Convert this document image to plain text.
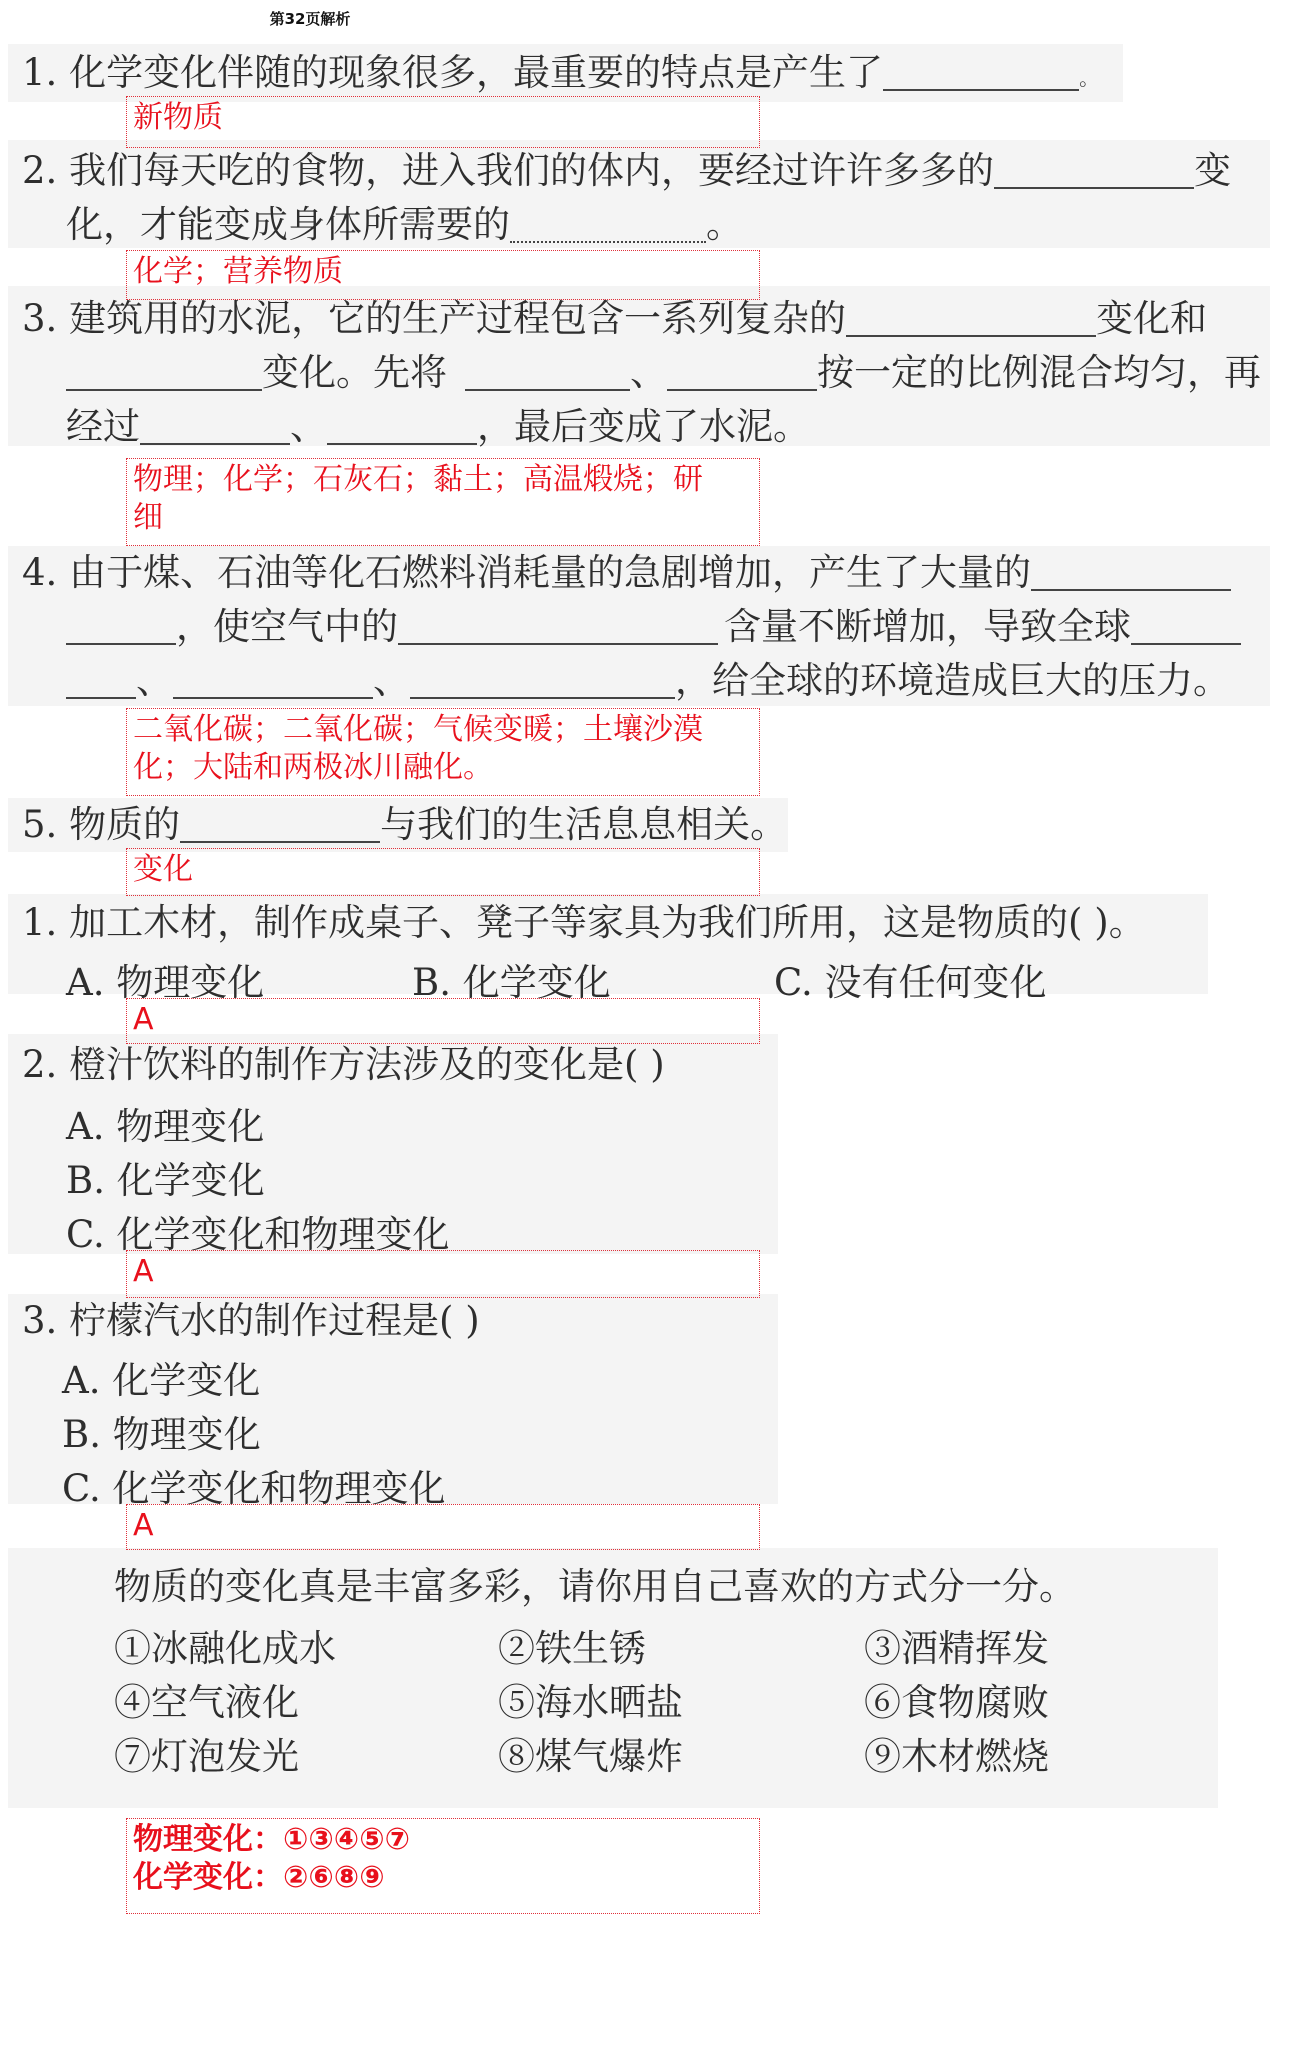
第32页解析
1. 化学变化伴随的现象很多，最重要的特点是产生了	。
新物质
2. 我们每天吃的食物，进入我们的体内，要经过许许多多的	变
化，才能变成身体所需要的	。
化学；营养物质
3. 建筑用的水泥，它的生产过程包含一系列复杂的	变化和
变化。先将	、	按一定的比例混合均匀，再
经过	、	，最后变成了水泥。
物理；化学；石灰石；黏土；高温煅烧；研
细
4. 由于煤、石油等化石燃料消耗量的急剧增加，产生了大量的
，使空气中的	含量不断增加，导致全球
、	、	，给全球的环境造成巨大的压力。
二氧化碳；二氧化碳；气候变暖；土壤沙漠
化；大陆和两极冰川融化。
5. 物质的	与我们的生活息息相关。
变化
1. 加工木材，制作成桌子、凳子等家具为我们所用，这是物质的( )。
A. 物理变化	B. 化学变化	C. 没有任何变化
A
2. 橙汁饮料的制作方法涉及的变化是( )
A. 物理变化
B. 化学变化
C. 化学变化和物理变化
A
3. 柠檬汽水的制作过程是( )
A. 化学变化
B. 物理变化
C. 化学变化和物理变化
A
物质的变化真是丰富多彩，请你用自己喜欢的方式分一分。
①冰融化成水	②铁生锈	③酒精挥发
④空气液化	⑤海水晒盐	⑥食物腐败
⑦灯泡发光	⑧煤气爆炸	⑨木材燃烧
物理变化：①③④⑤⑦
化学变化：②⑥⑧⑨
